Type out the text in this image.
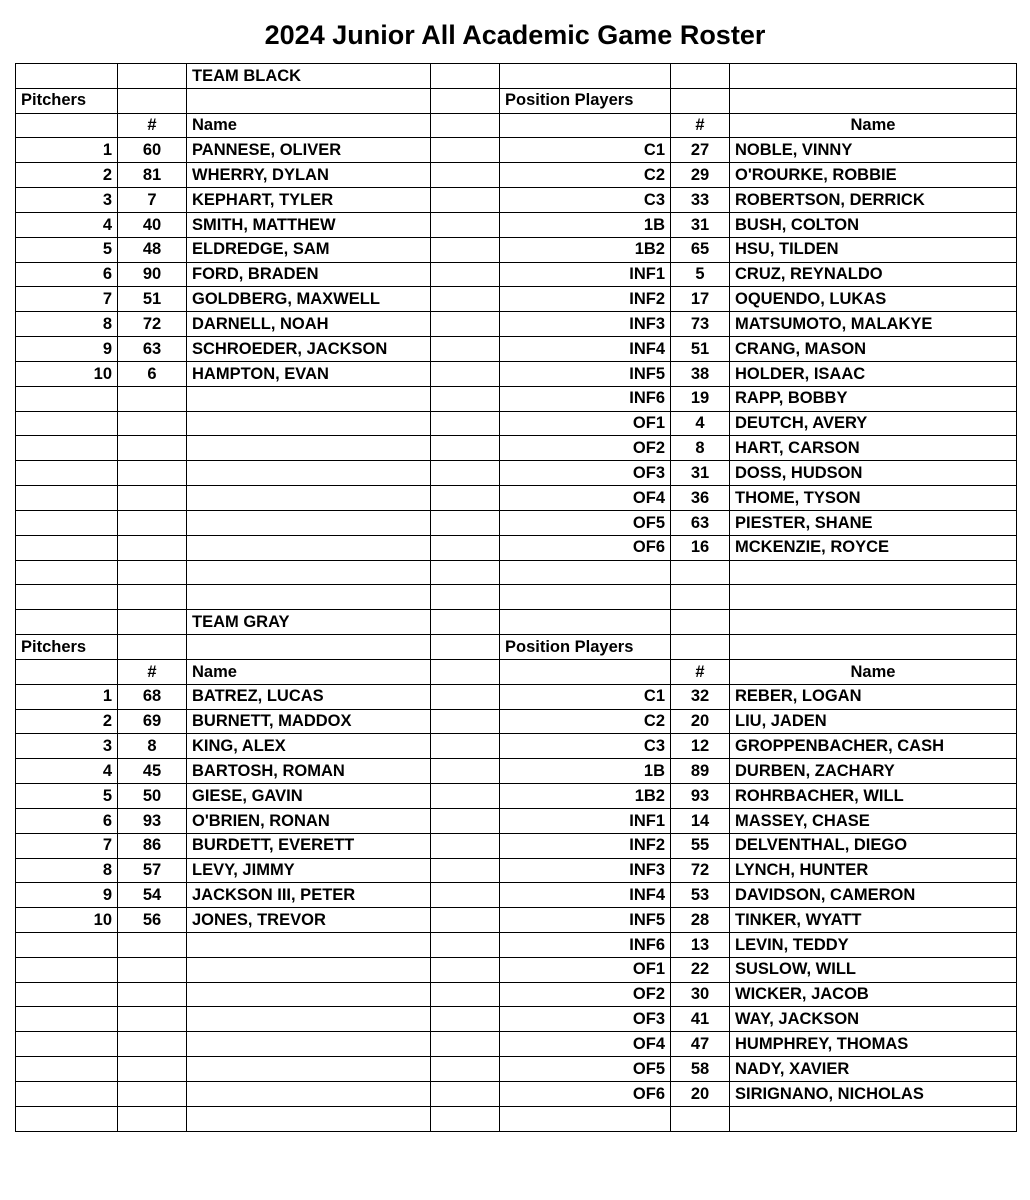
2024 Junior All Academic Game Roster
		TEAM BLACK				
Pitchers				Position Players		
	#	Name			#	Name
1	60	PANNESE, OLIVER		C1	27	NOBLE, VINNY
2	81	WHERRY, DYLAN		C2	29	O'ROURKE, ROBBIE
3	7	KEPHART, TYLER		C3	33	ROBERTSON, DERRICK
4	40	SMITH, MATTHEW		1B	31	BUSH, COLTON
5	48	ELDREDGE, SAM		1B2	65	HSU, TILDEN
6	90	FORD, BRADEN		INF1	5	CRUZ, REYNALDO
7	51	GOLDBERG, MAXWELL		INF2	17	OQUENDO, LUKAS
8	72	DARNELL, NOAH		INF3	73	MATSUMOTO, MALAKYE
9	63	SCHROEDER, JACKSON		INF4	51	CRANG, MASON
10	6	HAMPTON, EVAN		INF5	38	HOLDER, ISAAC
				INF6	19	RAPP, BOBBY
				OF1	4	DEUTCH, AVERY
				OF2	8	HART, CARSON
				OF3	31	DOSS, HUDSON
				OF4	36	THOME, TYSON
				OF5	63	PIESTER, SHANE
				OF6	16	MCKENZIE, ROYCE

		TEAM GRAY				
Pitchers				Position Players		
	#	Name			#	Name
1	68	BATREZ, LUCAS		C1	32	REBER, LOGAN
2	69	BURNETT, MADDOX		C2	20	LIU, JADEN
3	8	KING, ALEX		C3	12	GROPPENBACHER, CASH
4	45	BARTOSH, ROMAN		1B	89	DURBEN, ZACHARY
5	50	GIESE, GAVIN		1B2	93	ROHRBACHER, WILL
6	93	O'BRIEN, RONAN		INF1	14	MASSEY, CHASE
7	86	BURDETT, EVERETT		INF2	55	DELVENTHAL, DIEGO
8	57	LEVY, JIMMY		INF3	72	LYNCH, HUNTER
9	54	JACKSON III, PETER		INF4	53	DAVIDSON, CAMERON
10	56	JONES, TREVOR		INF5	28	TINKER, WYATT
				INF6	13	LEVIN, TEDDY
				OF1	22	SUSLOW, WILL
				OF2	30	WICKER, JACOB
				OF3	41	WAY, JACKSON
				OF4	47	HUMPHREY, THOMAS
				OF5	58	NADY, XAVIER
				OF6	20	SIRIGNANO, NICHOLAS
